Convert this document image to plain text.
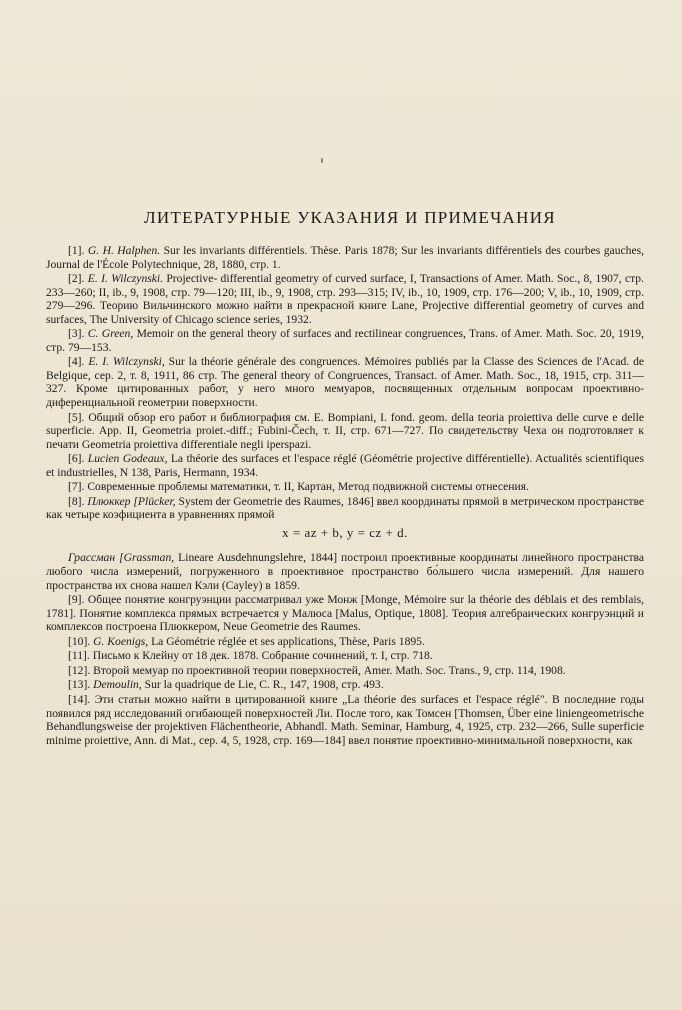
ЛИТЕРАТУРНЫЕ УКАЗАНИЯ И ПРИМЕЧАНИЯ

[1]. G. H. Halphen. Sur les invariants différentiels. Thèse. Paris 1878; Sur les invariants différentiels des courbes gauches, Journal de l'École Polytechnique, 28, 1880, стр. 1.

[2]. E. I. Wilczynski. Projective- differential geometry of curved surface, I, Transactions of Amer. Math. Soc., 8, 1907, стр. 233—260; II, ib., 9, 1908, стр. 79—120; III, ib., 9, 1908, стр. 293—315; IV, ib., 10, 1909, стр. 176—200; V, ib., 10, 1909, стр. 279—296. Теорию Вильчинского можно найти в прекрасной книге Lane, Projective differential geometry of curves and surfaces, The University of Chicago science series, 1932.

[3]. C. Green, Memoir on the general theory of surfaces and rectilinear congruences, Trans. of Amer. Math. Soc. 20, 1919, стр. 79—153.

[4]. E. I. Wilczynski, Sur la théorie générale des congruences. Mémoires publiés par la Classe des Sciences de l'Acad. de Belgique, сер. 2, т. 8, 1911, 86 стр. The general theory of Congruences, Transact. of Amer. Math. Soc., 18, 1915, стр. 311—327. Кроме цитированных работ, у него много мемуаров, посвященных отдельным вопросам проективно-диференциальной геометрии поверхности.

[5]. Общий обзор его работ и библиография см. E. Bompiani, I. fond. geom. della teoria proiettiva delle curve e delle superficie. App. II, Geometria proiet.-diff.; Fubini-Čech, т. II, стр. 671—727. По свидетельству Чеха он подготовляет к печати Geometria proiettiva differentiale negli iperspazi.

[6]. Lucien Godeaux, La théorie des surfaces et l'espace réglé (Géométrie projective différentielle). Actualités scientifiques et industrielles, N 138, Paris, Hermann, 1934.

[7]. Современные проблемы математики, т. II, Картан, Метод подвижной системы отнесения.

[8]. Плюккер [Plücker, System der Geometrie des Raumes, 1846] ввел координаты прямой в метрическом пространстве как четыре коэфициента в уравнениях прямой

x = az + b, y = cz + d.

Грассман [Grassman, Lineare Ausdehnungslehre, 1844] построил проективные координаты линейного пространства любого числа измерений, погруженного в проективное пространство бо́льшего числа измерений. Для нашего пространства их снова нашел Кэли (Cayley) в 1859.

[9]. Общее понятие конгруэнции рассматривал уже Монж [Monge, Mémoire sur la théorie des déblais et des remblais, 1781]. Понятие комплекса прямых встречается у Малюса [Malus, Optique, 1808]. Теория алгебраических конгруэнций и комплексов построена Плюккером, Neue Geometrie des Raumes.

[10]. G. Koenigs, La Géométrie réglée et ses applications, Thèse, Paris 1895.

[11]. Письмо к Клейну от 18 дек. 1878. Собрание сочинений, т. I, стр. 718.

[12]. Второй мемуар по проективной теории поверхностей, Amer. Math. Soc. Trans., 9, стр. 114, 1908.

[13]. Demoulin, Sur la quadrique de Lie, C. R., 147, 1908, стр. 493.

[14]. Эти статьи можно найти в цитированной книге „La théorie des surfaces et l'espace réglé". В последние годы появился ряд исследований огибающей поверхностей Ли. После того, как Томсен [Thomsen, Über eine liniengeometrische Behandlungsweise der projektiven Flächentheorie, Abhandl. Math. Seminar, Hamburg, 4, 1925, стр. 232—266, Sulle superficie minime proiettive, Ann. di Mat., сер. 4, 5, 1928, стр. 169—184] ввел понятие проективно-минимальной поверхности, как
